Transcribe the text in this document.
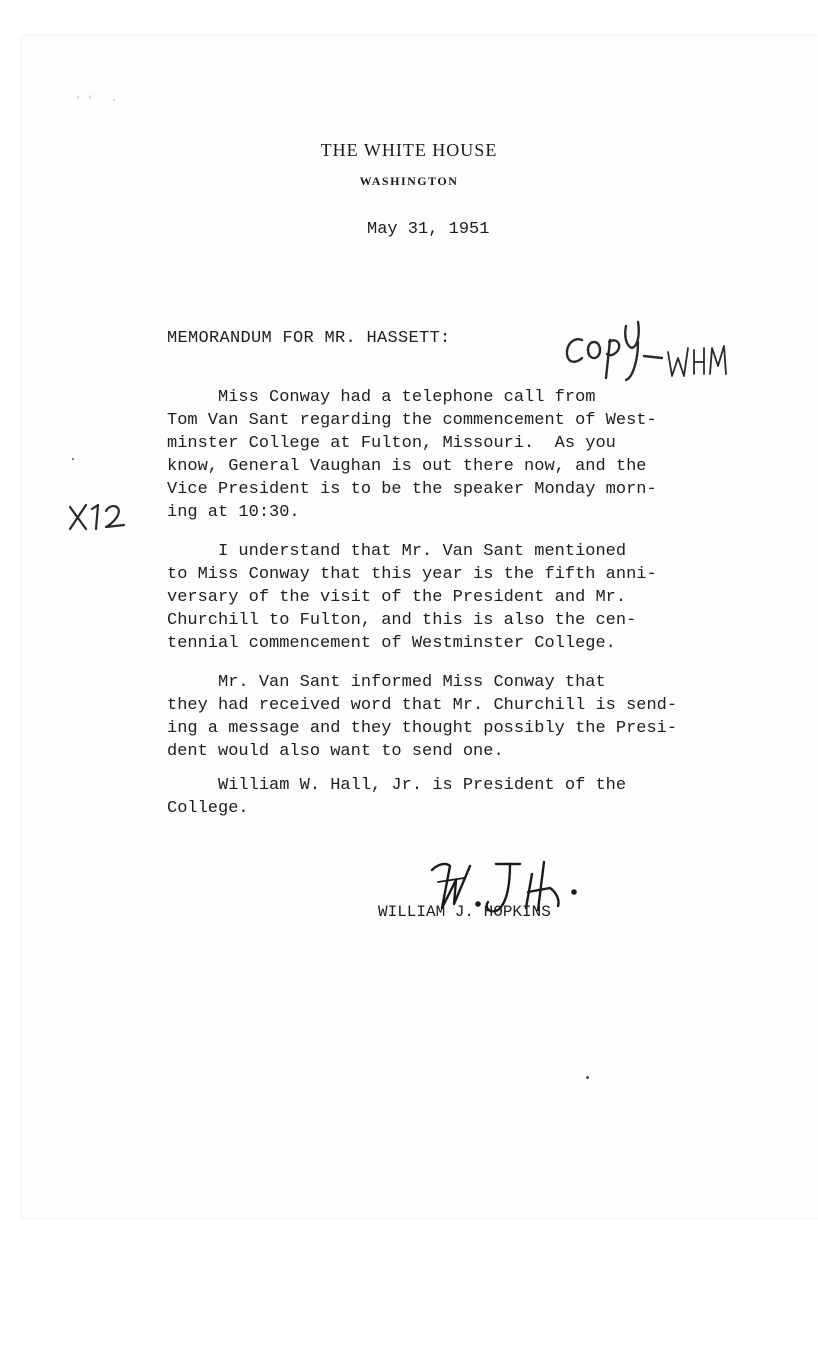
‘ ’ ˙ ·
THE WHITE HOUSE
WASHINGTON
May 31, 1951
MEMORANDUM FOR MR. HASSETT:
copy WJH
X12
Miss Conway had a telephone call from
Tom Van Sant regarding the commencement of West-
minster College at Fulton, Missouri.  As you
know, General Vaughan is out there now, and the
Vice President is to be the speaker Monday morn-
ing at 10:30.
I understand that Mr. Van Sant mentioned
to Miss Conway that this year is the fifth anni-
versary of the visit of the President and Mr.
Churchill to Fulton, and this is also the cen-
tennial commencement of Westminster College.
Mr. Van Sant informed Miss Conway that
they had received word that Mr. Churchill is send-
ing a message and they thought possibly the Presi-
dent would also want to send one.
William W. Hall, Jr. is President of the
College.
W.J.H.
WILLIAM J. HOPKINS
